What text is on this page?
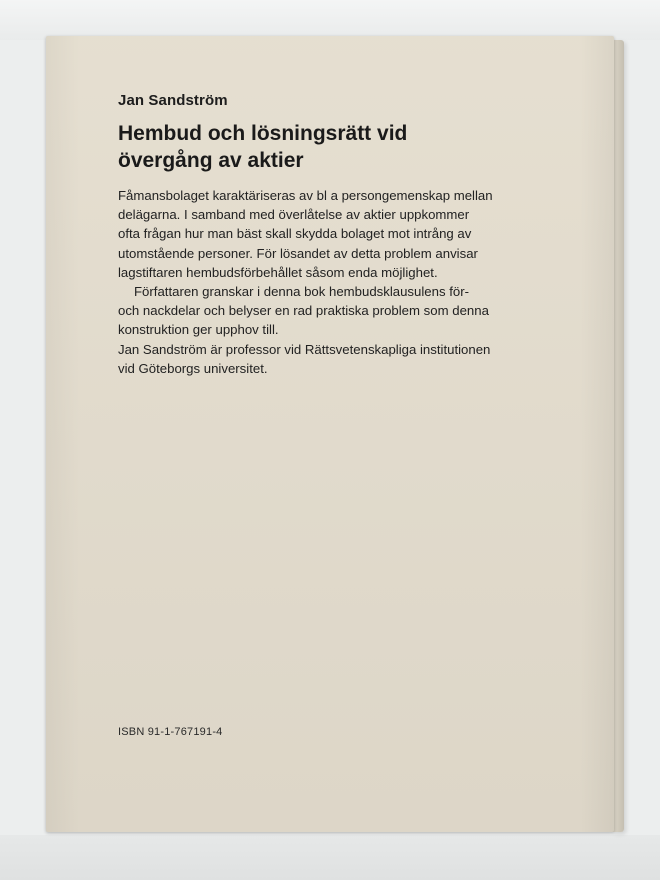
Jan Sandström

Hembud och lösningsrätt vid
övergång av aktier

Fåmansbolaget karaktäriseras av bl a persongemenskap mellan
delägarna. I samband med överlåtelse av aktier uppkommer
ofta frågan hur man bäst skall skydda bolaget mot intrång av
utomstående personer. För lösandet av detta problem anvisar
lagstiftaren hembudsförbehållet såsom enda möjlighet.
Författaren granskar i denna bok hembudsklausulens för-
och nackdelar och belyser en rad praktiska problem som denna
konstruktion ger upphov till.
Jan Sandström är professor vid Rättsvetenskapliga institutionen
vid Göteborgs universitet.

ISBN 91-1-767191-4
